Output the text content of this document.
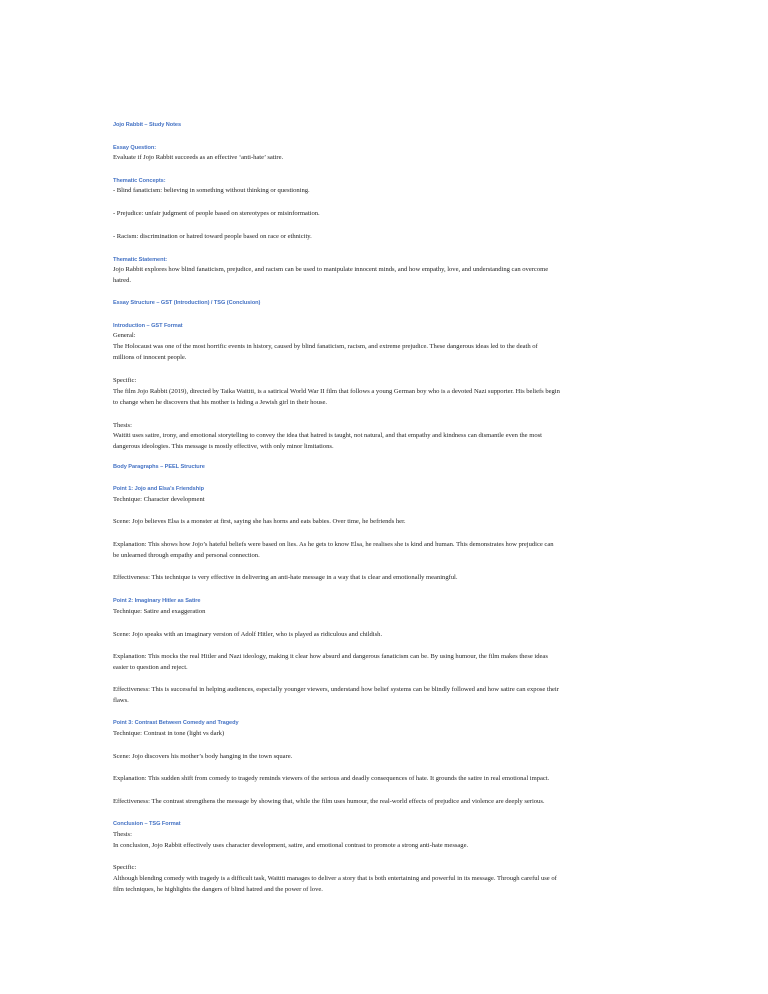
Jojo Rabbit – Study Notes
Essay Question:
Evaluate if Jojo Rabbit succeeds as an effective ‘anti-hate’ satire.
Thematic Concepts:
- Blind fanaticism: believing in something without thinking or questioning.
- Prejudice: unfair judgment of people based on stereotypes or misinformation.
- Racism: discrimination or hatred toward people based on race or ethnicity.
Thematic Statement:
Jojo Rabbit explores how blind fanaticism, prejudice, and racism can be used to manipulate innocent minds, and how empathy, love, and understanding can overcome
hatred.
Essay Structure – GST (Introduction) / TSG (Conclusion)
Introduction – GST Format
General:
The Holocaust was one of the most horrific events in history, caused by blind fanaticism, racism, and extreme prejudice. These dangerous ideas led to the death of
millions of innocent people.
Specific:
The film Jojo Rabbit (2019), directed by Taika Waititi, is a satirical World War II film that follows a young German boy who is a devoted Nazi supporter. His beliefs begin
to change when he discovers that his mother is hiding a Jewish girl in their house.
Thesis:
Waititi uses satire, irony, and emotional storytelling to convey the idea that hatred is taught, not natural, and that empathy and kindness can dismantle even the most
dangerous ideologies. This message is mostly effective, with only minor limitations.
Body Paragraphs – PEEL Structure
Point 1: Jojo and Elsa’s Friendship
Technique: Character development
Scene: Jojo believes Elsa is a monster at first, saying she has horns and eats babies. Over time, he befriends her.
Explanation: This shows how Jojo’s hateful beliefs were based on lies. As he gets to know Elsa, he realises she is kind and human. This demonstrates how prejudice can
be unlearned through empathy and personal connection.
Effectiveness: This technique is very effective in delivering an anti-hate message in a way that is clear and emotionally meaningful.
Point 2: Imaginary Hitler as Satire
Technique: Satire and exaggeration
Scene: Jojo speaks with an imaginary version of Adolf Hitler, who is played as ridiculous and childish.
Explanation: This mocks the real Hitler and Nazi ideology, making it clear how absurd and dangerous fanaticism can be. By using humour, the film makes these ideas
easier to question and reject.
Effectiveness: This is successful in helping audiences, especially younger viewers, understand how belief systems can be blindly followed and how satire can expose their
flaws.
Point 3: Contrast Between Comedy and Tragedy
Technique: Contrast in tone (light vs dark)
Scene: Jojo discovers his mother’s body hanging in the town square.
Explanation: This sudden shift from comedy to tragedy reminds viewers of the serious and deadly consequences of hate. It grounds the satire in real emotional impact.
Effectiveness: The contrast strengthens the message by showing that, while the film uses humour, the real-world effects of prejudice and violence are deeply serious.
Conclusion – TSG Format
Thesis:
In conclusion, Jojo Rabbit effectively uses character development, satire, and emotional contrast to promote a strong anti-hate message.
Specific:
Although blending comedy with tragedy is a difficult task, Waititi manages to deliver a story that is both entertaining and powerful in its message. Through careful use of
film techniques, he highlights the dangers of blind hatred and the power of love.
